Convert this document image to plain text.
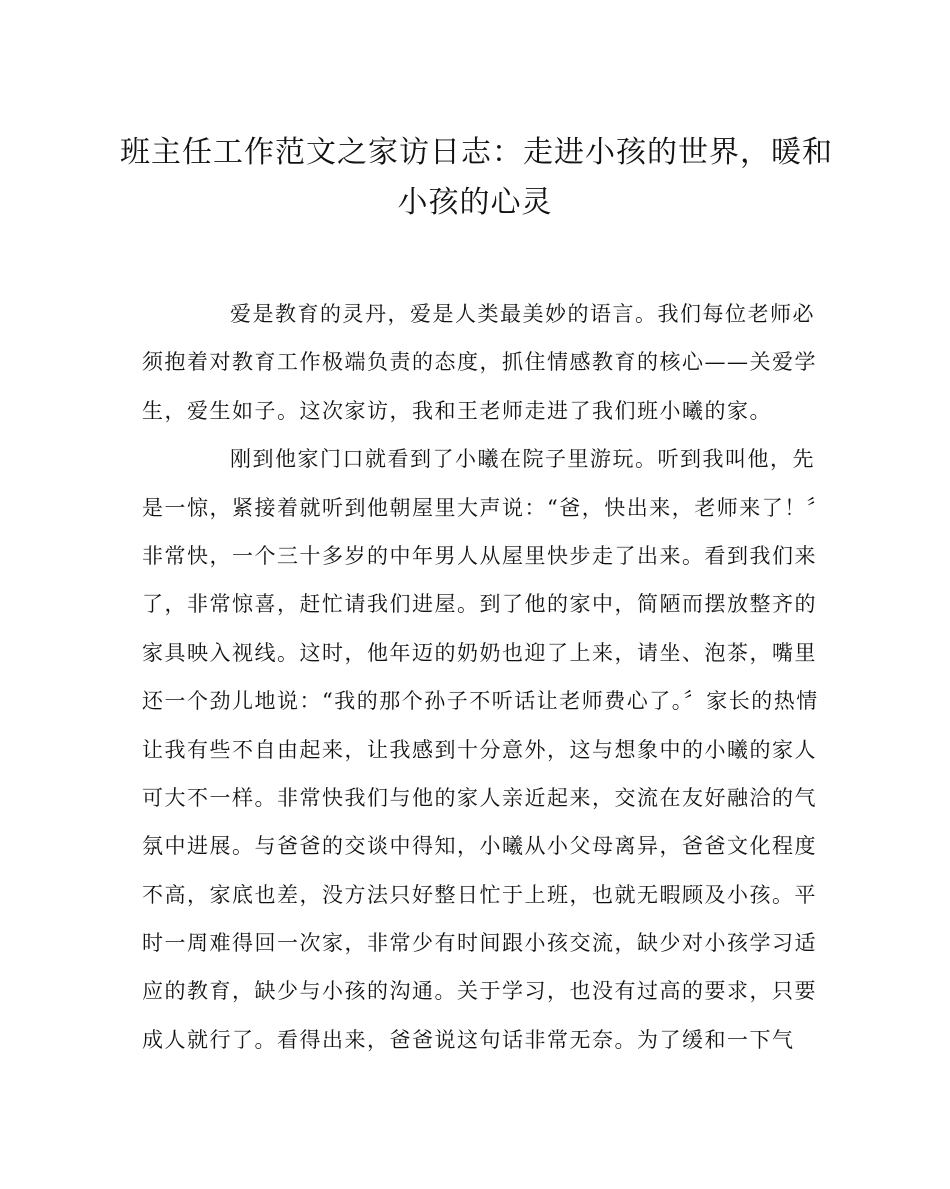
班主任工作范文之家访日志：走进小孩的世界，暖和
小孩的心灵
爱是教育的灵丹，爱是人类最美妙的语言。我们每位老师必
须抱着对教育工作极端负责的态度，抓住情感教育的核心——关爱学
生，爱生如子。这次家访，我和王老师走进了我们班小曦的家。
刚到他家门口就看到了小曦在院子里游玩。听到我叫他，先
是一惊，紧接着就听到他朝屋里大声说：“爸，快出来，老师来了！〞
非常快，一个三十多岁的中年男人从屋里快步走了出来。看到我们来
了，非常惊喜，赶忙请我们进屋。到了他的家中，简陋而摆放整齐的
家具映入视线。这时，他年迈的奶奶也迎了上来，请坐、泡茶，嘴里
还一个劲儿地说：“我的那个孙子不听话让老师费心了。〞家长的热情
让我有些不自由起来，让我感到十分意外，这与想象中的小曦的家人
可大不一样。非常快我们与他的家人亲近起来，交流在友好融洽的气
氛中进展。与爸爸的交谈中得知，小曦从小父母离异，爸爸文化程度
不高，家底也差，没方法只好整日忙于上班，也就无暇顾及小孩。平
时一周难得回一次家，非常少有时间跟小孩交流，缺少对小孩学习适
应的教育，缺少与小孩的沟通。关于学习，也没有过高的要求，只要
成人就行了。看得出来，爸爸说这句话非常无奈。为了缓和一下气
